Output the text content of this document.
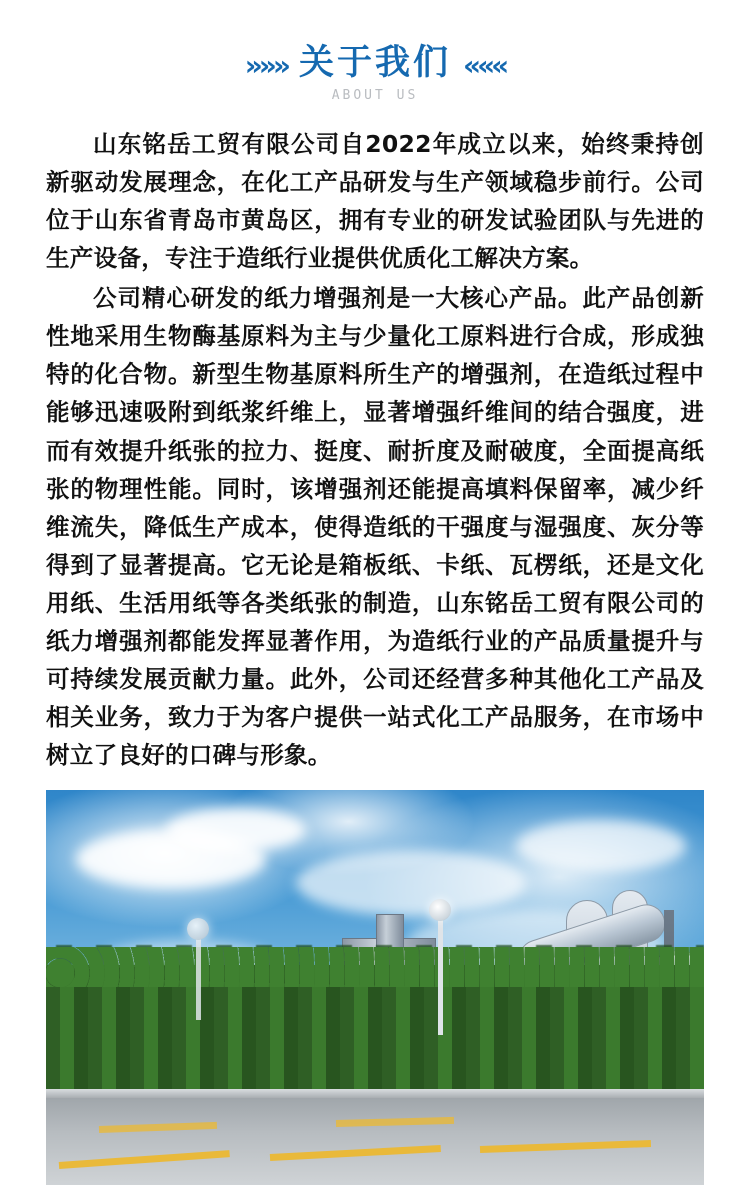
»»» 关于我们 «««
ABOUT US

山东铭岳工贸有限公司自2022年成立以来，始终秉持创新驱动发展理念，在化工产品研发与生产领域稳步前行。公司位于山东省青岛市黄岛区，拥有专业的研发试验团队与先进的生产设备，专注于造纸行业提供优质化工解决方案。

公司精心研发的纸力增强剂是一大核心产品。此产品创新性地采用生物酶基原料为主与少量化工原料进行合成，形成独特的化合物。新型生物基原料所生产的增强剂，在造纸过程中能够迅速吸附到纸浆纤维上，显著增强纤维间的结合强度，进而有效提升纸张的拉力、挺度、耐折度及耐破度，全面提高纸张的物理性能。同时，该增强剂还能提高填料保留率，减少纤维流失，降低生产成本，使得造纸的干强度与湿强度、灰分等得到了显著提高。它无论是箱板纸、卡纸、瓦楞纸，还是文化用纸、生活用纸等各类纸张的制造，山东铭岳工贸有限公司的纸力增强剂都能发挥显著作用，为造纸行业的产品质量提升与可持续发展贡献力量。此外，公司还经营多种其他化工产品及相关业务，致力于为客户提供一站式化工产品服务，在市场中树立了良好的口碑与形象。
